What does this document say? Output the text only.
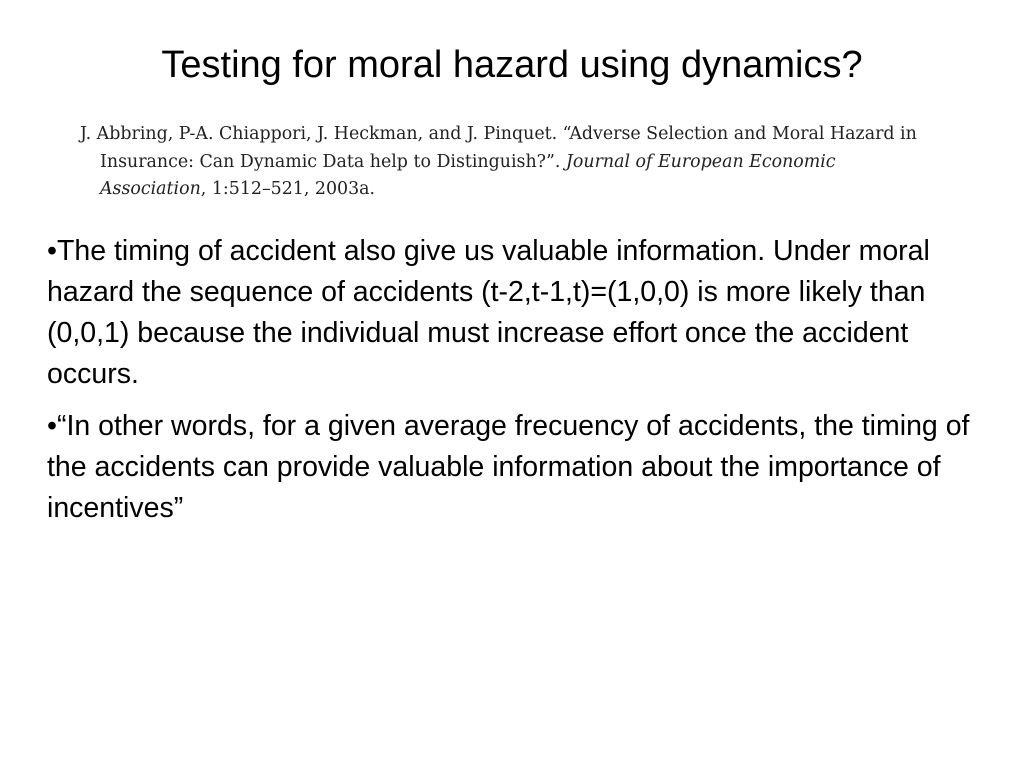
Testing for moral hazard using dynamics?
J. Abbring, P-A. Chiappori, J. Heckman, and J. Pinquet. “Adverse Selection and Moral Hazard in Insurance: Can Dynamic Data help to Distinguish?”. Journal of European Economic Association, 1:512–521, 2003a.
•The timing of accident also give us valuable information. Under moral hazard the sequence of accidents (t-2,t-1,t)=(1,0,0) is more likely than (0,0,1) because the individual must increase effort once the accident occurs.
•“In other words, for a given average frecuency of accidents, the timing of the accidents can provide valuable information about the importance of incentives”
